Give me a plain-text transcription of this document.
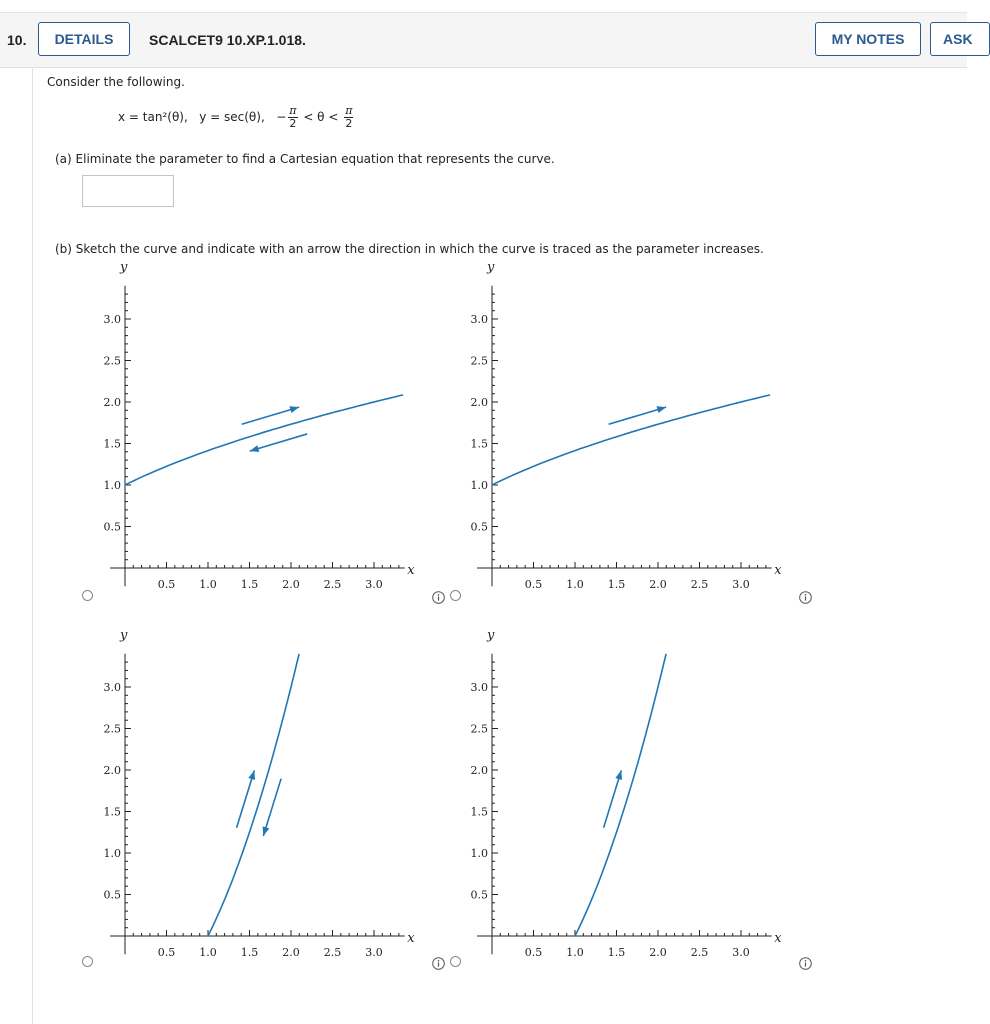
10.	DETAILS	SCALCET9 10.XP.1.018.	MY NOTES	ASK
Consider the following.
x = tan²(θ),   y = sec(θ),   − $\frac{\pi}{2} < \theta < \frac{\pi}{2}$
(a) Eliminate the parameter to find a Cartesian equation that represents the curve.
(b) Sketch the curve and indicate with an arrow the direction in which the curve is traced as the parameter increases.
0.5
1.0
1.5
2.0
2.5
3.0
0.5 1.0 1.5 2.0 2.5 3.0
x
y
0.5
1.0
1.5
2.0
2.5
3.0
0.5 1.0 1.5 2.0 2.5 3.0
x
y
0.5
1.0
1.5
2.0
2.5
3.0
0.5 1.0 1.5 2.0 2.5 3.0
x
y
0.5
1.0
1.5
2.0
2.5
3.0
0.5 1.0 1.5 2.0 2.5 3.0
x
y
